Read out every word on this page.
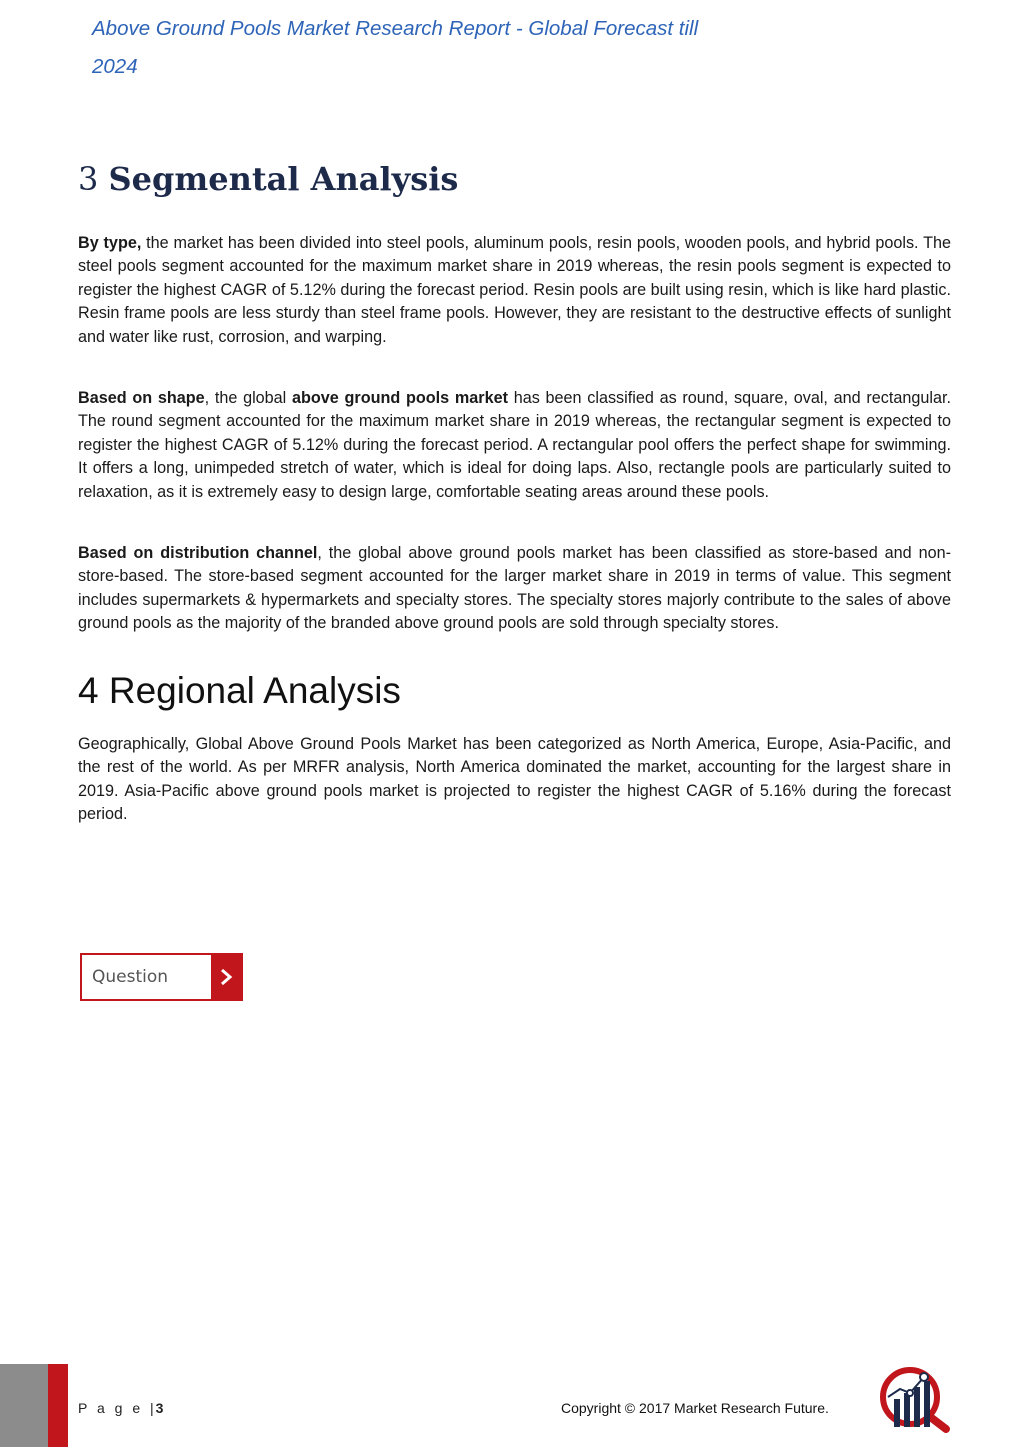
Above Ground Pools Market Research Report - Global Forecast till
2024
3 Segmental Analysis

By type, the market has been divided into steel pools, aluminum pools, resin pools, wooden pools, and hybrid pools. The steel pools segment accounted for the maximum market share in 2019 whereas, the resin pools segment is expected to register the highest CAGR of 5.12% during the forecast period. Resin pools are built using resin, which is like hard plastic. Resin frame pools are less sturdy than steel frame pools. However, they are resistant to the destructive effects of sunlight and water like rust, corrosion, and warping.

Based on shape, the global above ground pools market has been classified as round, square, oval, and rectangular. The round segment accounted for the maximum market share in 2019 whereas, the rectangular segment is expected to register the highest CAGR of 5.12% during the forecast period. A rectangular pool offers the perfect shape for swimming. It offers a long, unimpeded stretch of water, which is ideal for doing laps. Also, rectangle pools are particularly suited to relaxation, as it is extremely easy to design large, comfortable seating areas around these pools.

Based on distribution channel, the global above ground pools market has been classified as store-based and non-store-based. The store-based segment accounted for the larger market share in 2019 in terms of value. This segment includes supermarkets & hypermarkets and specialty stores. The specialty stores majorly contribute to the sales of above ground pools as the majority of the branded above ground pools are sold through specialty stores.

4 Regional Analysis

Geographically, Global Above Ground Pools Market has been categorized as North America, Europe, Asia-Pacific, and the rest of the world. As per MRFR analysis, North America dominated the market, accounting for the largest share in 2019. Asia-Pacific above ground pools market is projected to register the highest CAGR of 5.16% during the forecast period.

Question
P a g e | 3	Copyright © 2017 Market Research Future.
